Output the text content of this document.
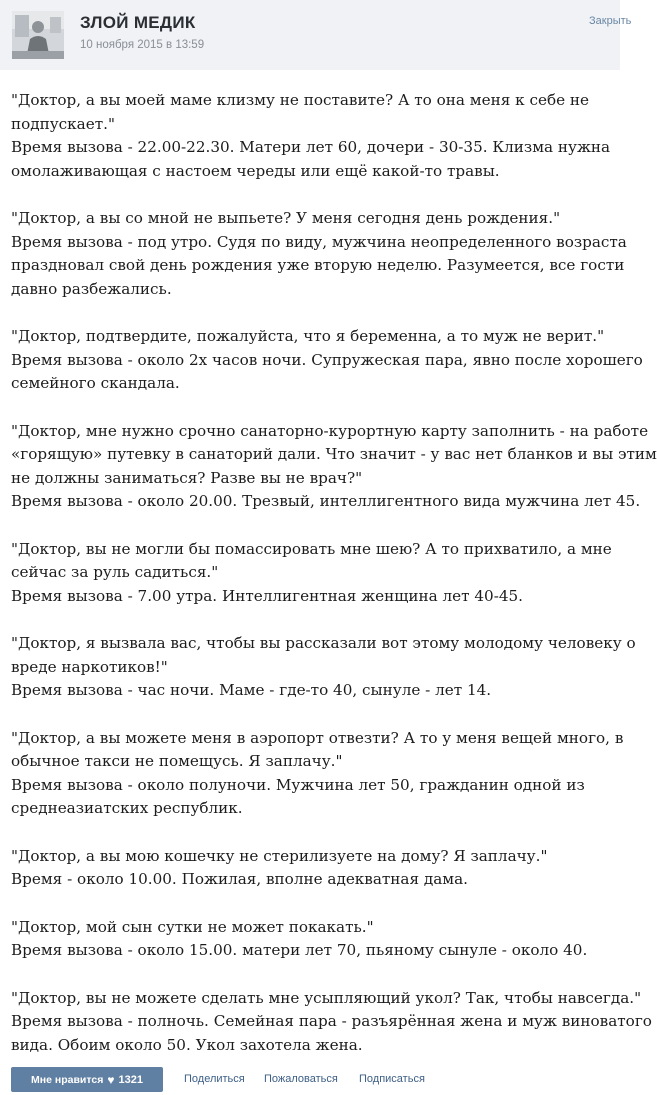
ЗЛОЙ МЕДИК
10 ноября 2015 в 13:59
Закрыть
"Доктор, а вы моей маме клизму не поставите? А то она меня к себе не
подпускает."
Время вызова - 22.00-22.30. Матери лет 60, дочери - 30-35. Клизма нужна
омолаживающая с настоем череды или ещё какой-то травы.
"Доктор, а вы со мной не выпьете? У меня сегодня день рождения."
Время вызова - под утро. Судя по виду, мужчина неопределенного возраста
праздновал свой день рождения уже вторую неделю. Разумеется, все гости
давно разбежались.
"Доктор, подтвердите, пожалуйста, что я беременна, а то муж не верит."
Время вызова - около 2х часов ночи. Супружеская пара, явно после хорошего
семейного скандала.
"Доктор, мне нужно срочно санаторно-курортную карту заполнить - на работе
«горящую» путевку в санаторий дали. Что значит - у вас нет бланков и вы этим
не должны заниматься? Разве вы не врач?"
Время вызова - около 20.00. Трезвый, интеллигентного вида мужчина лет 45.
"Доктор, вы не могли бы помассировать мне шею? А то прихватило, а мне
сейчас за руль садиться."
Время вызова - 7.00 утра. Интеллигентная женщина лет 40-45.
"Доктор, я вызвала вас, чтобы вы рассказали вот этому молодому человеку о
вреде наркотиков!"
Время вызова - час ночи. Маме - где-то 40, сынуле - лет 14.
"Доктор, а вы можете меня в аэропорт отвезти? А то у меня вещей много, в
обычное такси не помещусь. Я заплачу."
Время вызова - около полуночи. Мужчина лет 50, гражданин одной из
среднеазиатских республик.
"Доктор, а вы мою кошечку не стерилизуете на дому? Я заплачу."
Время - около 10.00. Пожилая, вполне адекватная дама.
"Доктор, мой сын сутки не может покакать."
Время вызова - около 15.00. матери лет 70, пьяному сынуле - около 40.
"Доктор, вы не можете сделать мне усыпляющий укол? Так, чтобы навсегда."
Время вызова - полночь. Семейная пара - разъярённая жена и муж виноватого
вида. Обоим около 50. Укол захотела жена.
Мне нравится ♥ 1321	Поделиться Пожаловаться Подписаться
